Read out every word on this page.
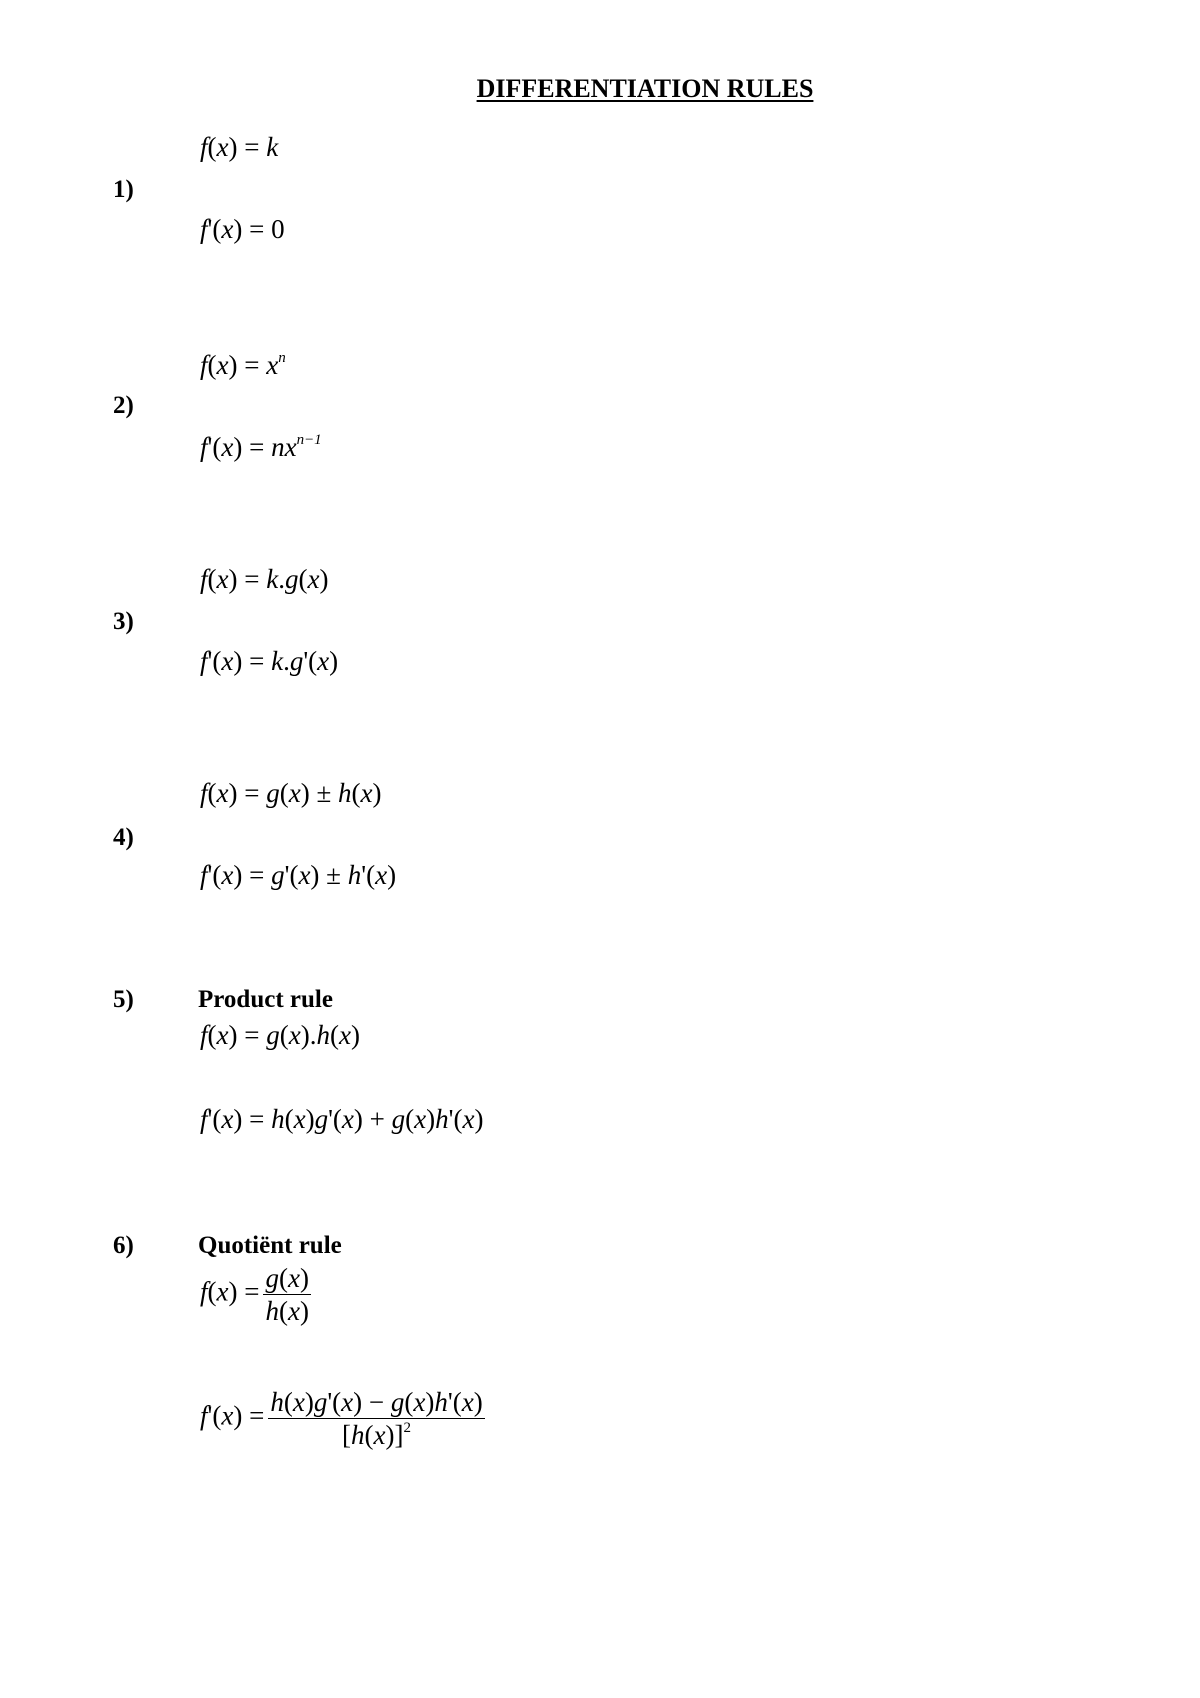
DIFFERENTIATION RULES
1)
f(x) = k
f'(x) = 0
2)
$f(x) = x^n$
$f'(x) = nx^{n-1}$
3)
f(x) = k.g(x)
f'(x) = k.g'(x)
4)
f(x) = g(x) ± h(x)
f'(x) = g'(x) ± h'(x)
5)	Product rule
f(x) = g(x).h(x)
f'(x) = h(x)g'(x) + g(x)h'(x)
6)	Quotiënt rule
$f(x) = \frac{g(x)}{h(x)}$
$f'(x) = \frac{h(x)g'(x) - g(x)h'(x)}{[h(x)]^2}$
